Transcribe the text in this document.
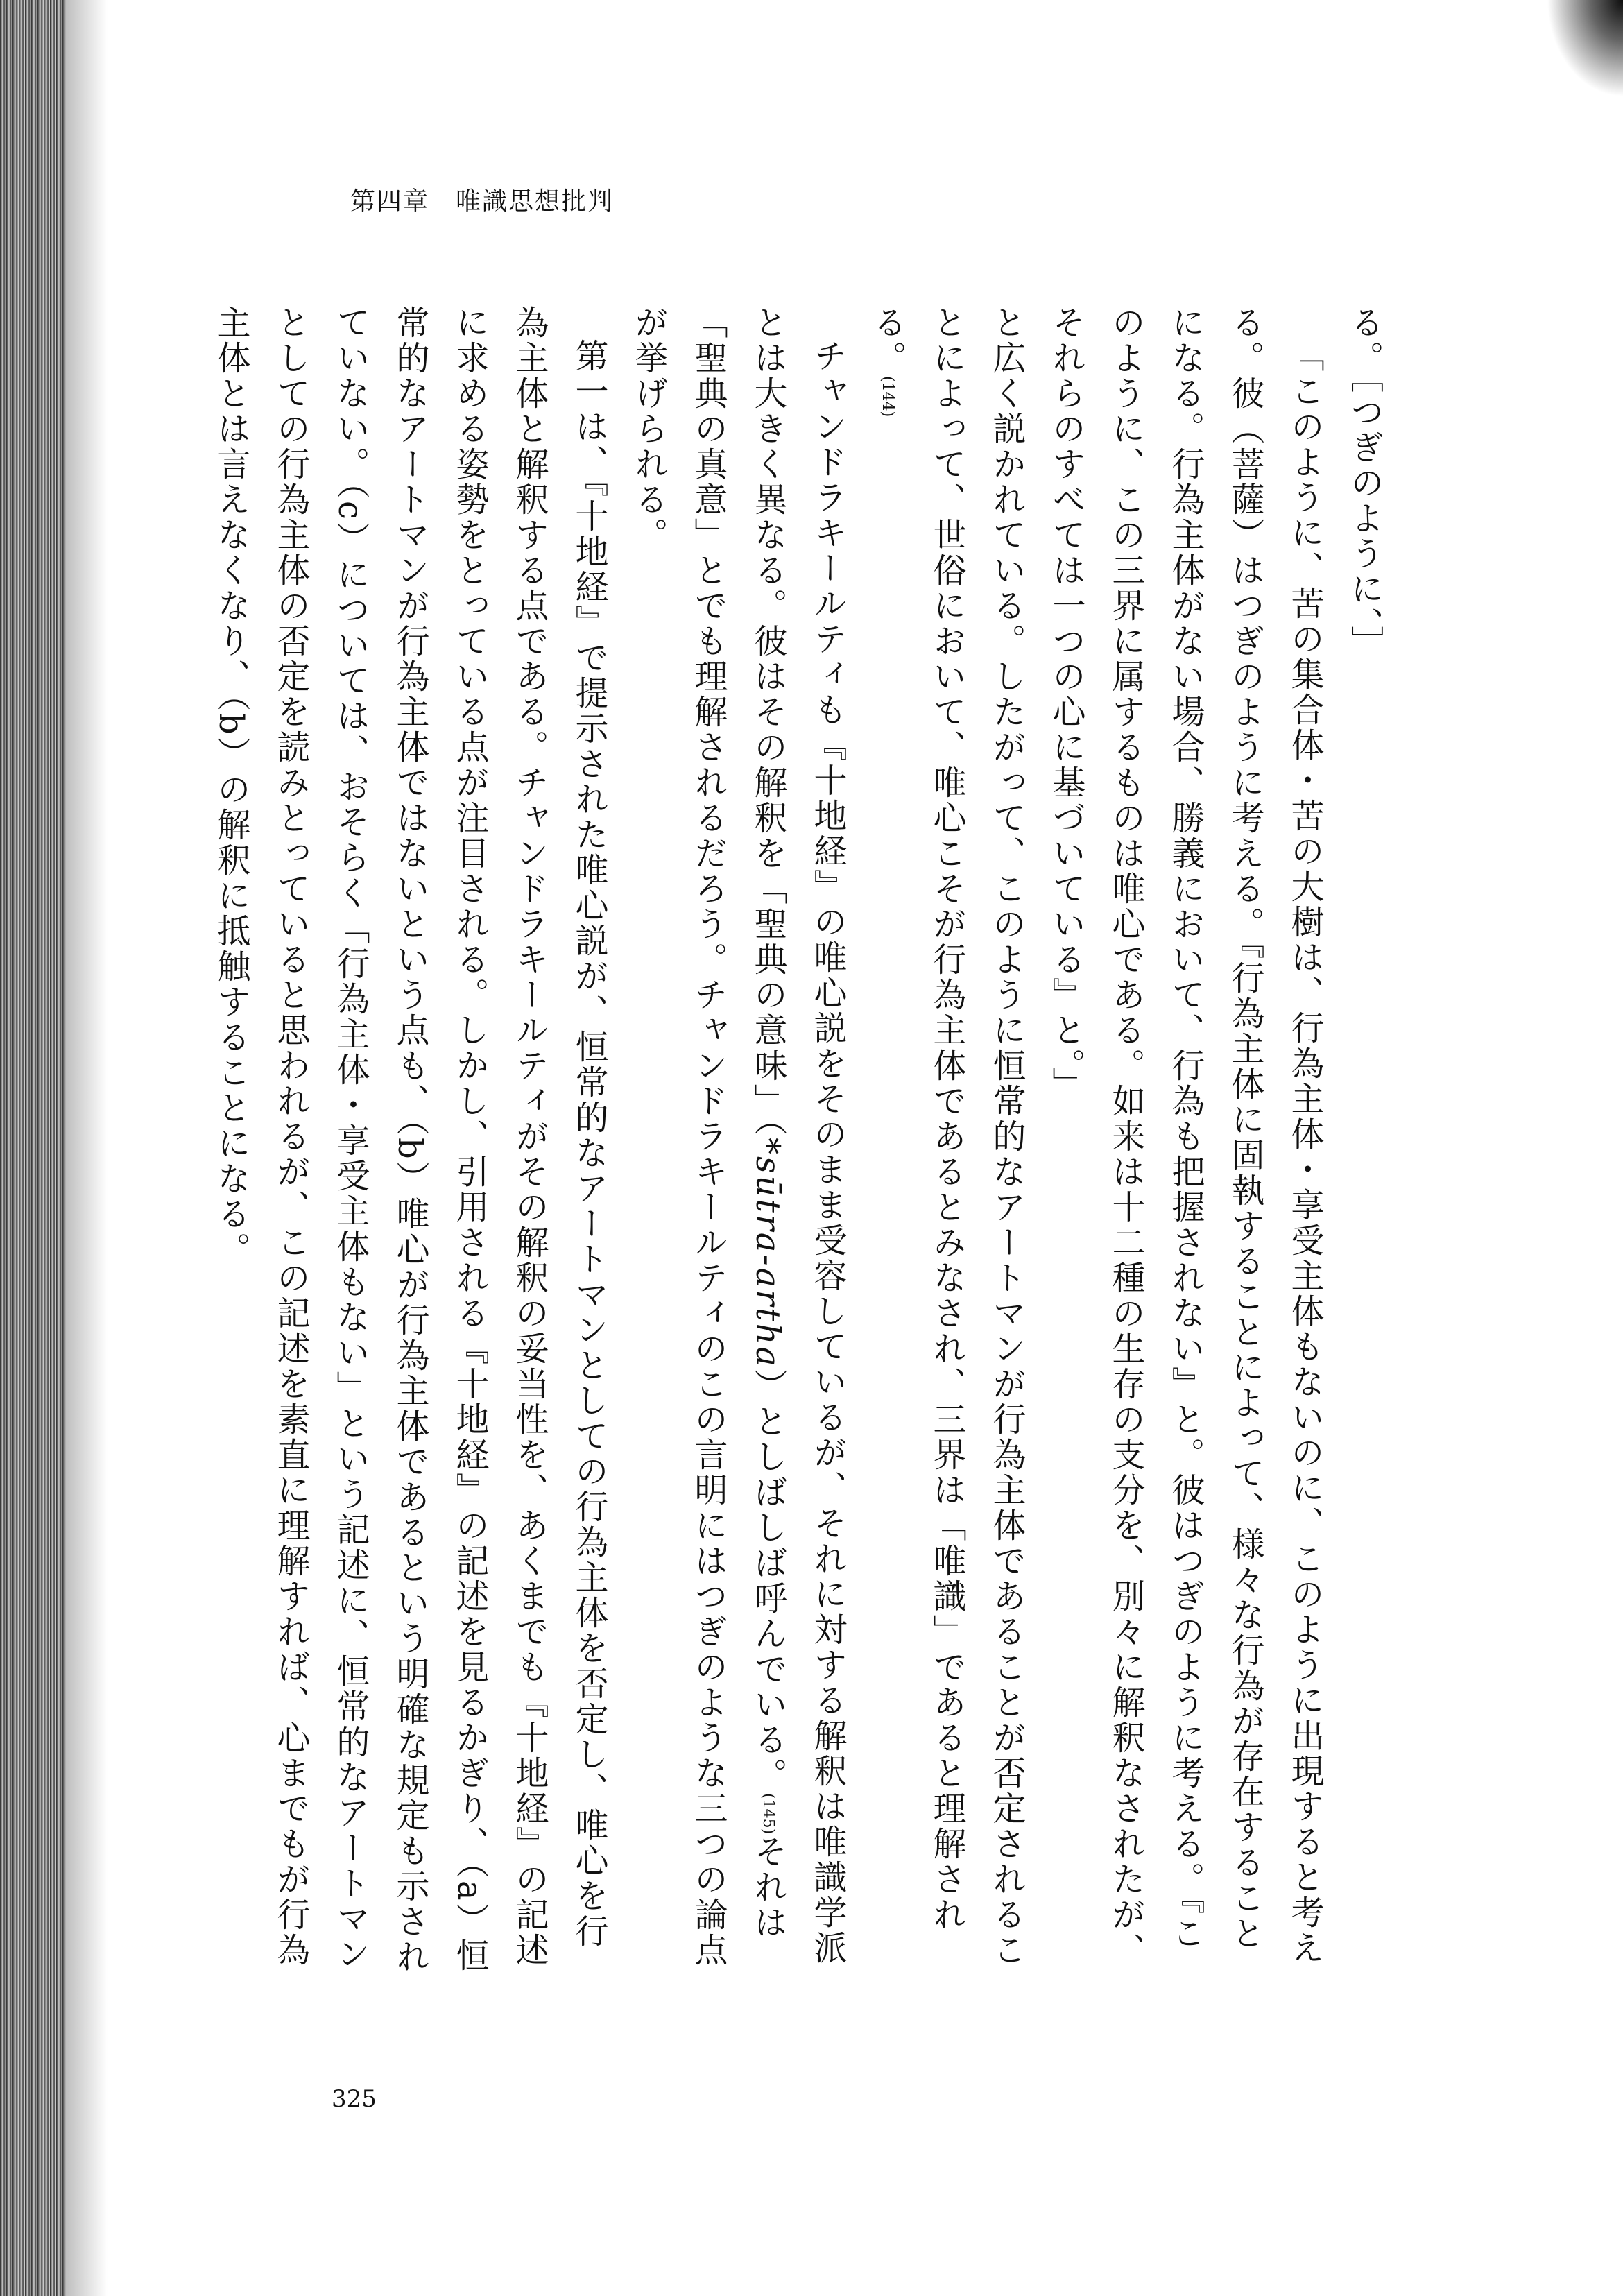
第四章　唯識思想批判

る。［つぎのように、］

「このように、苦の集合体・苦の大樹は、行為主体・享受主体もないのに、このように出現すると考える。彼（菩薩）はつぎのように考える。『行為主体に固執することによって、様々な行為が存在することになる。行為主体がない場合、勝義において、行為も把握されない』と。彼はつぎのように考える。『このように、この三界に属するものは唯心である。如来は十二種の生存の支分を、別々に解釈なされたが、それらのすべては一つの心に基づいている』と。」

と広く説かれている。したがって、このように恒常的なアートマンが行為主体であることが否定されることによって、世俗において、唯心こそが行為主体であるとみなされ、三界は「唯識」であると理解される。(144)

チャンドラキールティも『十地経』の唯心説をそのまま受容しているが、それに対する解釈は唯識学派とは大きく異なる。彼はその解釈を「聖典の意味」（*sūtra-artha）としばしば呼んでいる。(145)それは「聖典の真意」とでも理解されるだろう。チャンドラキールティのこの言明にはつぎのような三つの論点が挙げられる。

第一は、『十地経』で提示された唯心説が、恒常的なアートマンとしての行為主体を否定し、唯心を行為主体と解釈する点である。チャンドラキールティがその解釈の妥当性を、あくまでも『十地経』の記述に求める姿勢をとっている点が注目される。しかし、引用される『十地経』の記述を見るかぎり、（a）恒常的なアートマンが行為主体ではないという点も、（b）唯心が行為主体であるという明確な規定も示されていない。（c）については、おそらく「行為主体・享受主体もない」という記述に、恒常的なアートマンとしての行為主体の否定を読みとっていると思われるが、この記述を素直に理解すれば、心までもが行為主体とは言えなくなり、（b）の解釈に抵触することになる。

325
